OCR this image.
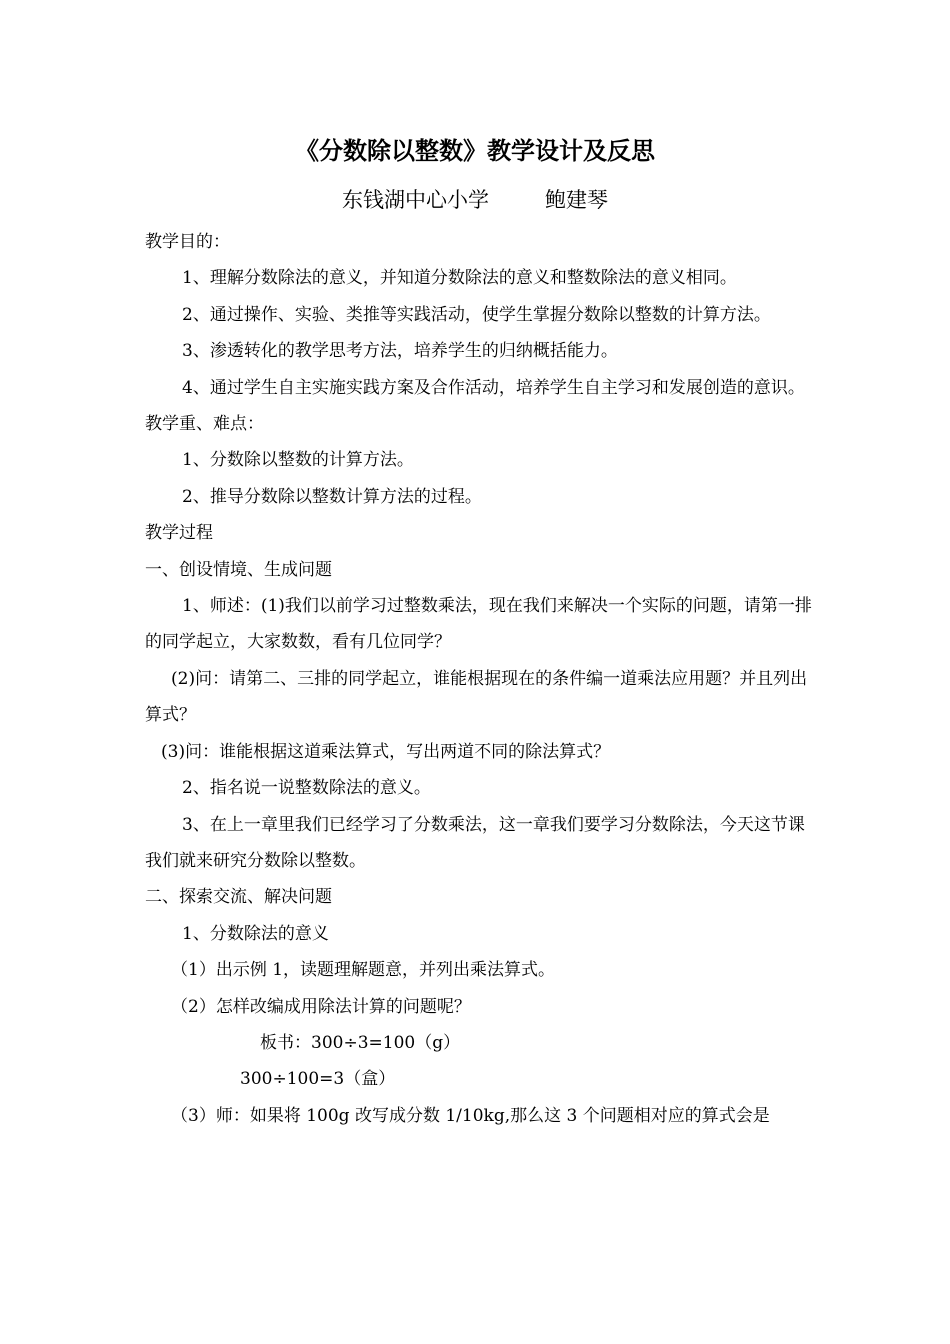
《分数除以整数》教学设计及反思
东钱湖中心小学	鲍建琴

教学目的：

1、理解分数除法的意义，并知道分数除法的意义和整数除法的意义相同。

2、通过操作、实验、类推等实践活动，使学生掌握分数除以整数的计算方法。

3、渗透转化的教学思考方法，培养学生的归纳概括能力。

4、通过学生自主实施实践方案及合作活动，培养学生自主学习和发展创造的意识。

教学重、难点：

1、分数除以整数的计算方法。

2、推导分数除以整数计算方法的过程。

教学过程

一、创设情境、生成问题

1、师述：(1)我们以前学习过整数乘法，现在我们来解决一个实际的问题，请第一排的同学起立，大家数数，看有几位同学？

(2)问：请第二、三排的同学起立，谁能根据现在的条件编一道乘法应用题？并且列出算式？

(3)问：谁能根据这道乘法算式，写出两道不同的除法算式？

2、指名说一说整数除法的意义。

3、在上一章里我们已经学习了分数乘法，这一章我们要学习分数除法，今天这节课我们就来研究分数除以整数。

二、探索交流、解决问题

1、分数除法的意义

（1）出示例 1，读题理解题意，并列出乘法算式。

（2）怎样改编成用除法计算的问题呢？

板书：300÷3=100（g）

300÷100=3（盒）

（3）师：如果将 100g 改写成分数 1/10kg,那么这 3 个问题相对应的算式会是
